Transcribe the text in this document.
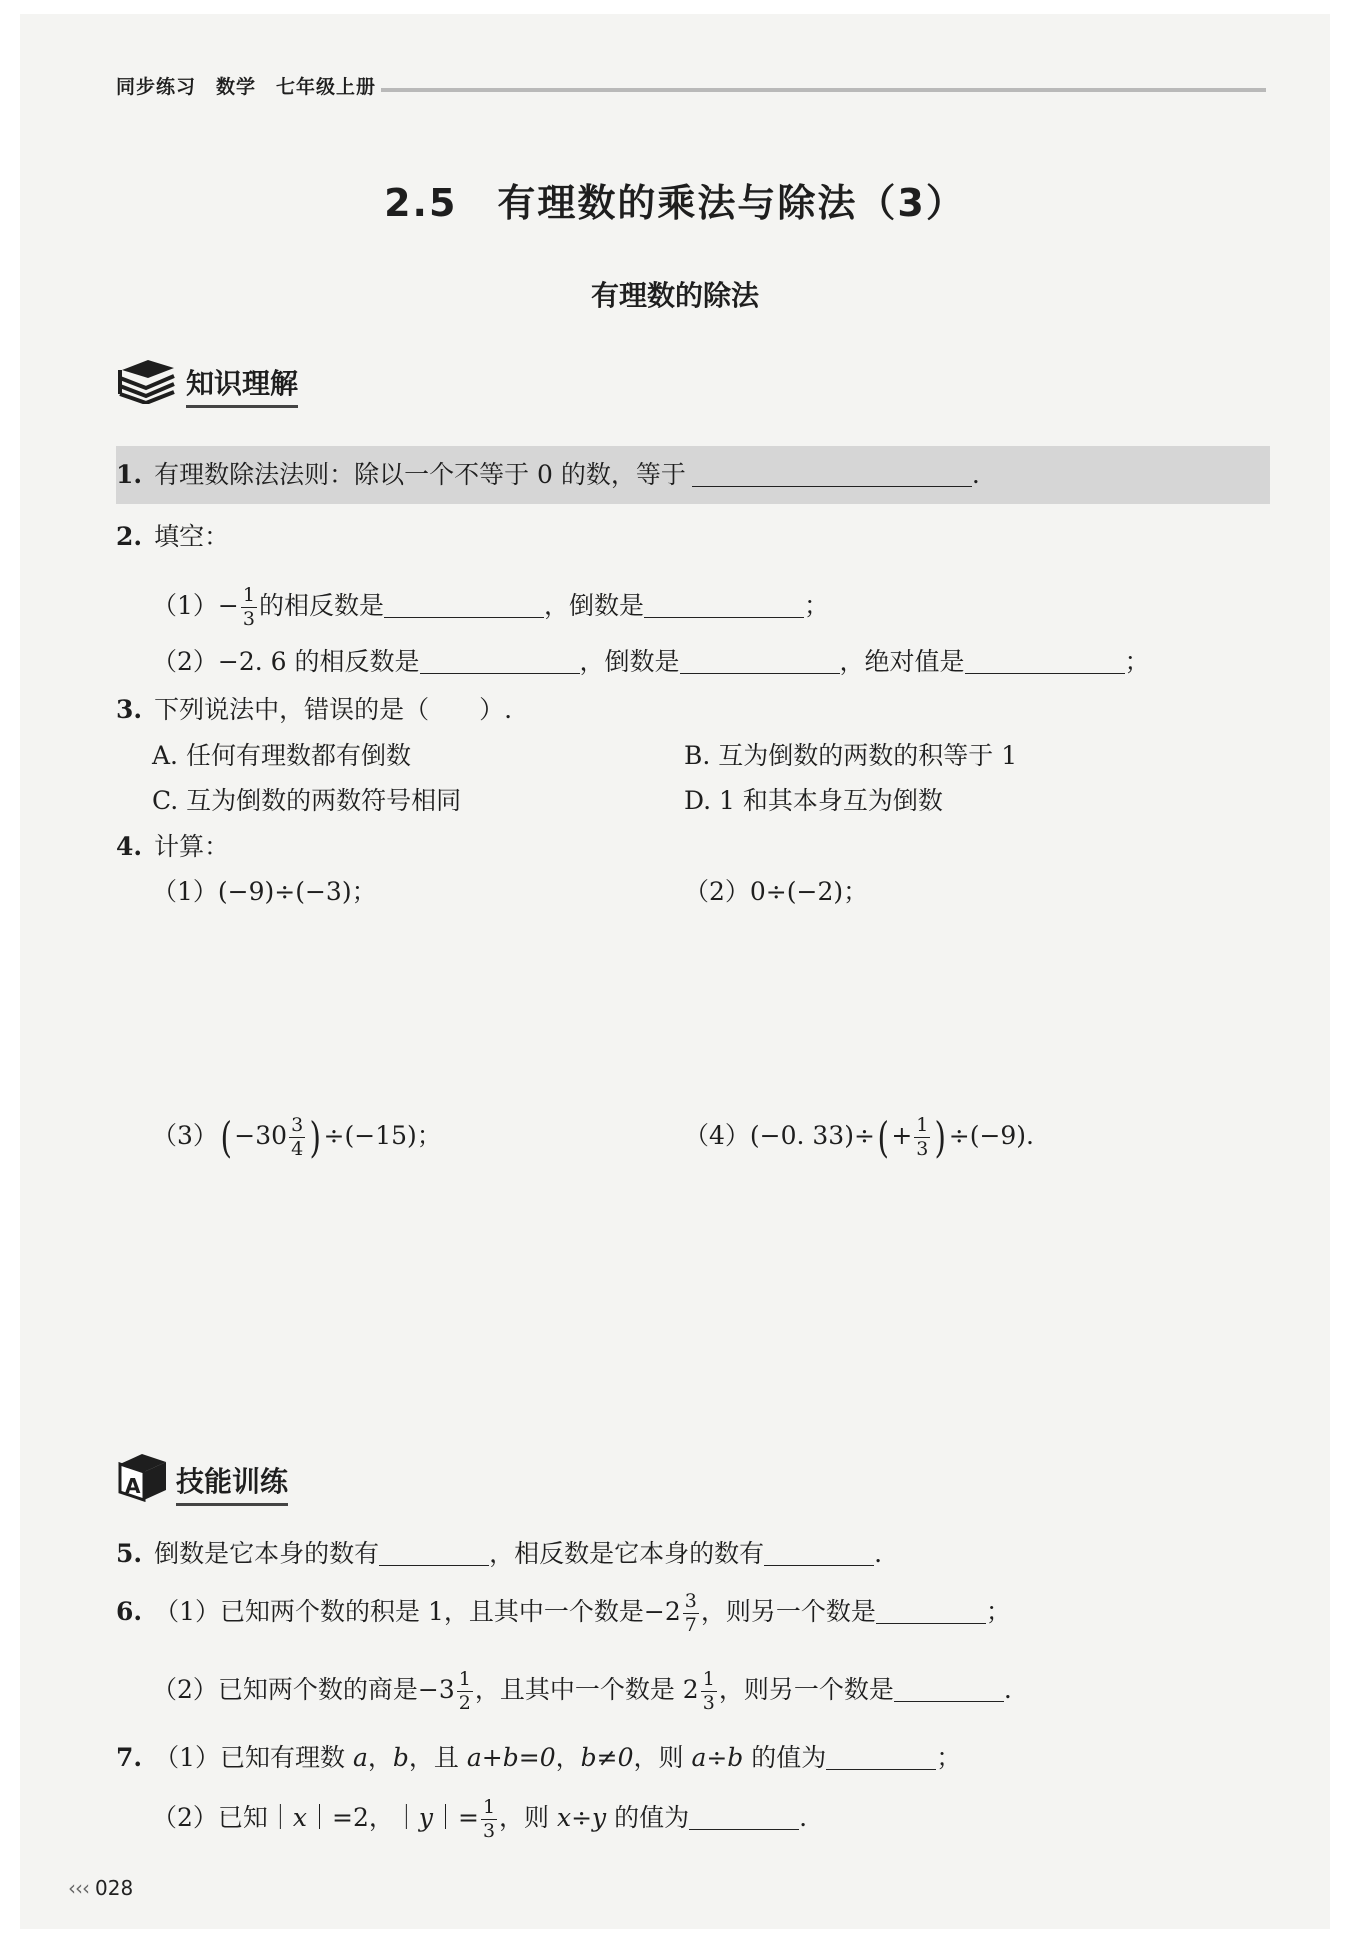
同步练习　数学　七年级上册
2.5　有理数的乘法与除法（3）
有理数的除法
知识理解
1. 有理数除法法则：除以一个不等于 0 的数，等于	.
2. 填空：
$(1)- \frac{1}{3}$ 的相反数是	，倒数是	；
（2）−2. 6 的相反数是	，倒数是	，绝对值是	；
3. 下列说法中，错误的是（　　）.
A. 任何有理数都有倒数	B. 互为倒数的两数的积等于 1
C. 互为倒数的两数符号相同	D. 1 和其本身互为倒数
4. 计算：
（1）(−9)÷(−3)；	（2）0÷(−2)；
$(3)(-30 \frac{3}{4} )\div(-15)$；	（4）(−0. $33)\div(+ \frac{1}{3} )\div(-9)$.
A 技能训练
5. 倒数是它本身的数有	，相反数是它本身的数有	.
6. （1）已知两个数的积是 1，且其中一个数是$-2 \frac{3}{7}$ ，则另一个数是	；
（2）已知两个数的商是$-3 \frac{1}{2}$ ，且其中一个数是 $2 \frac{1}{3}$ ，则另一个数是	.
7. （1）已知有理数 a，b，且 a+b=0，b≠0，则 a÷b 的值为	；
（2）已知｜x｜=2，｜y｜= $\frac{1}{3}$ ，则 x÷y 的值为	.
‹‹‹ 028
